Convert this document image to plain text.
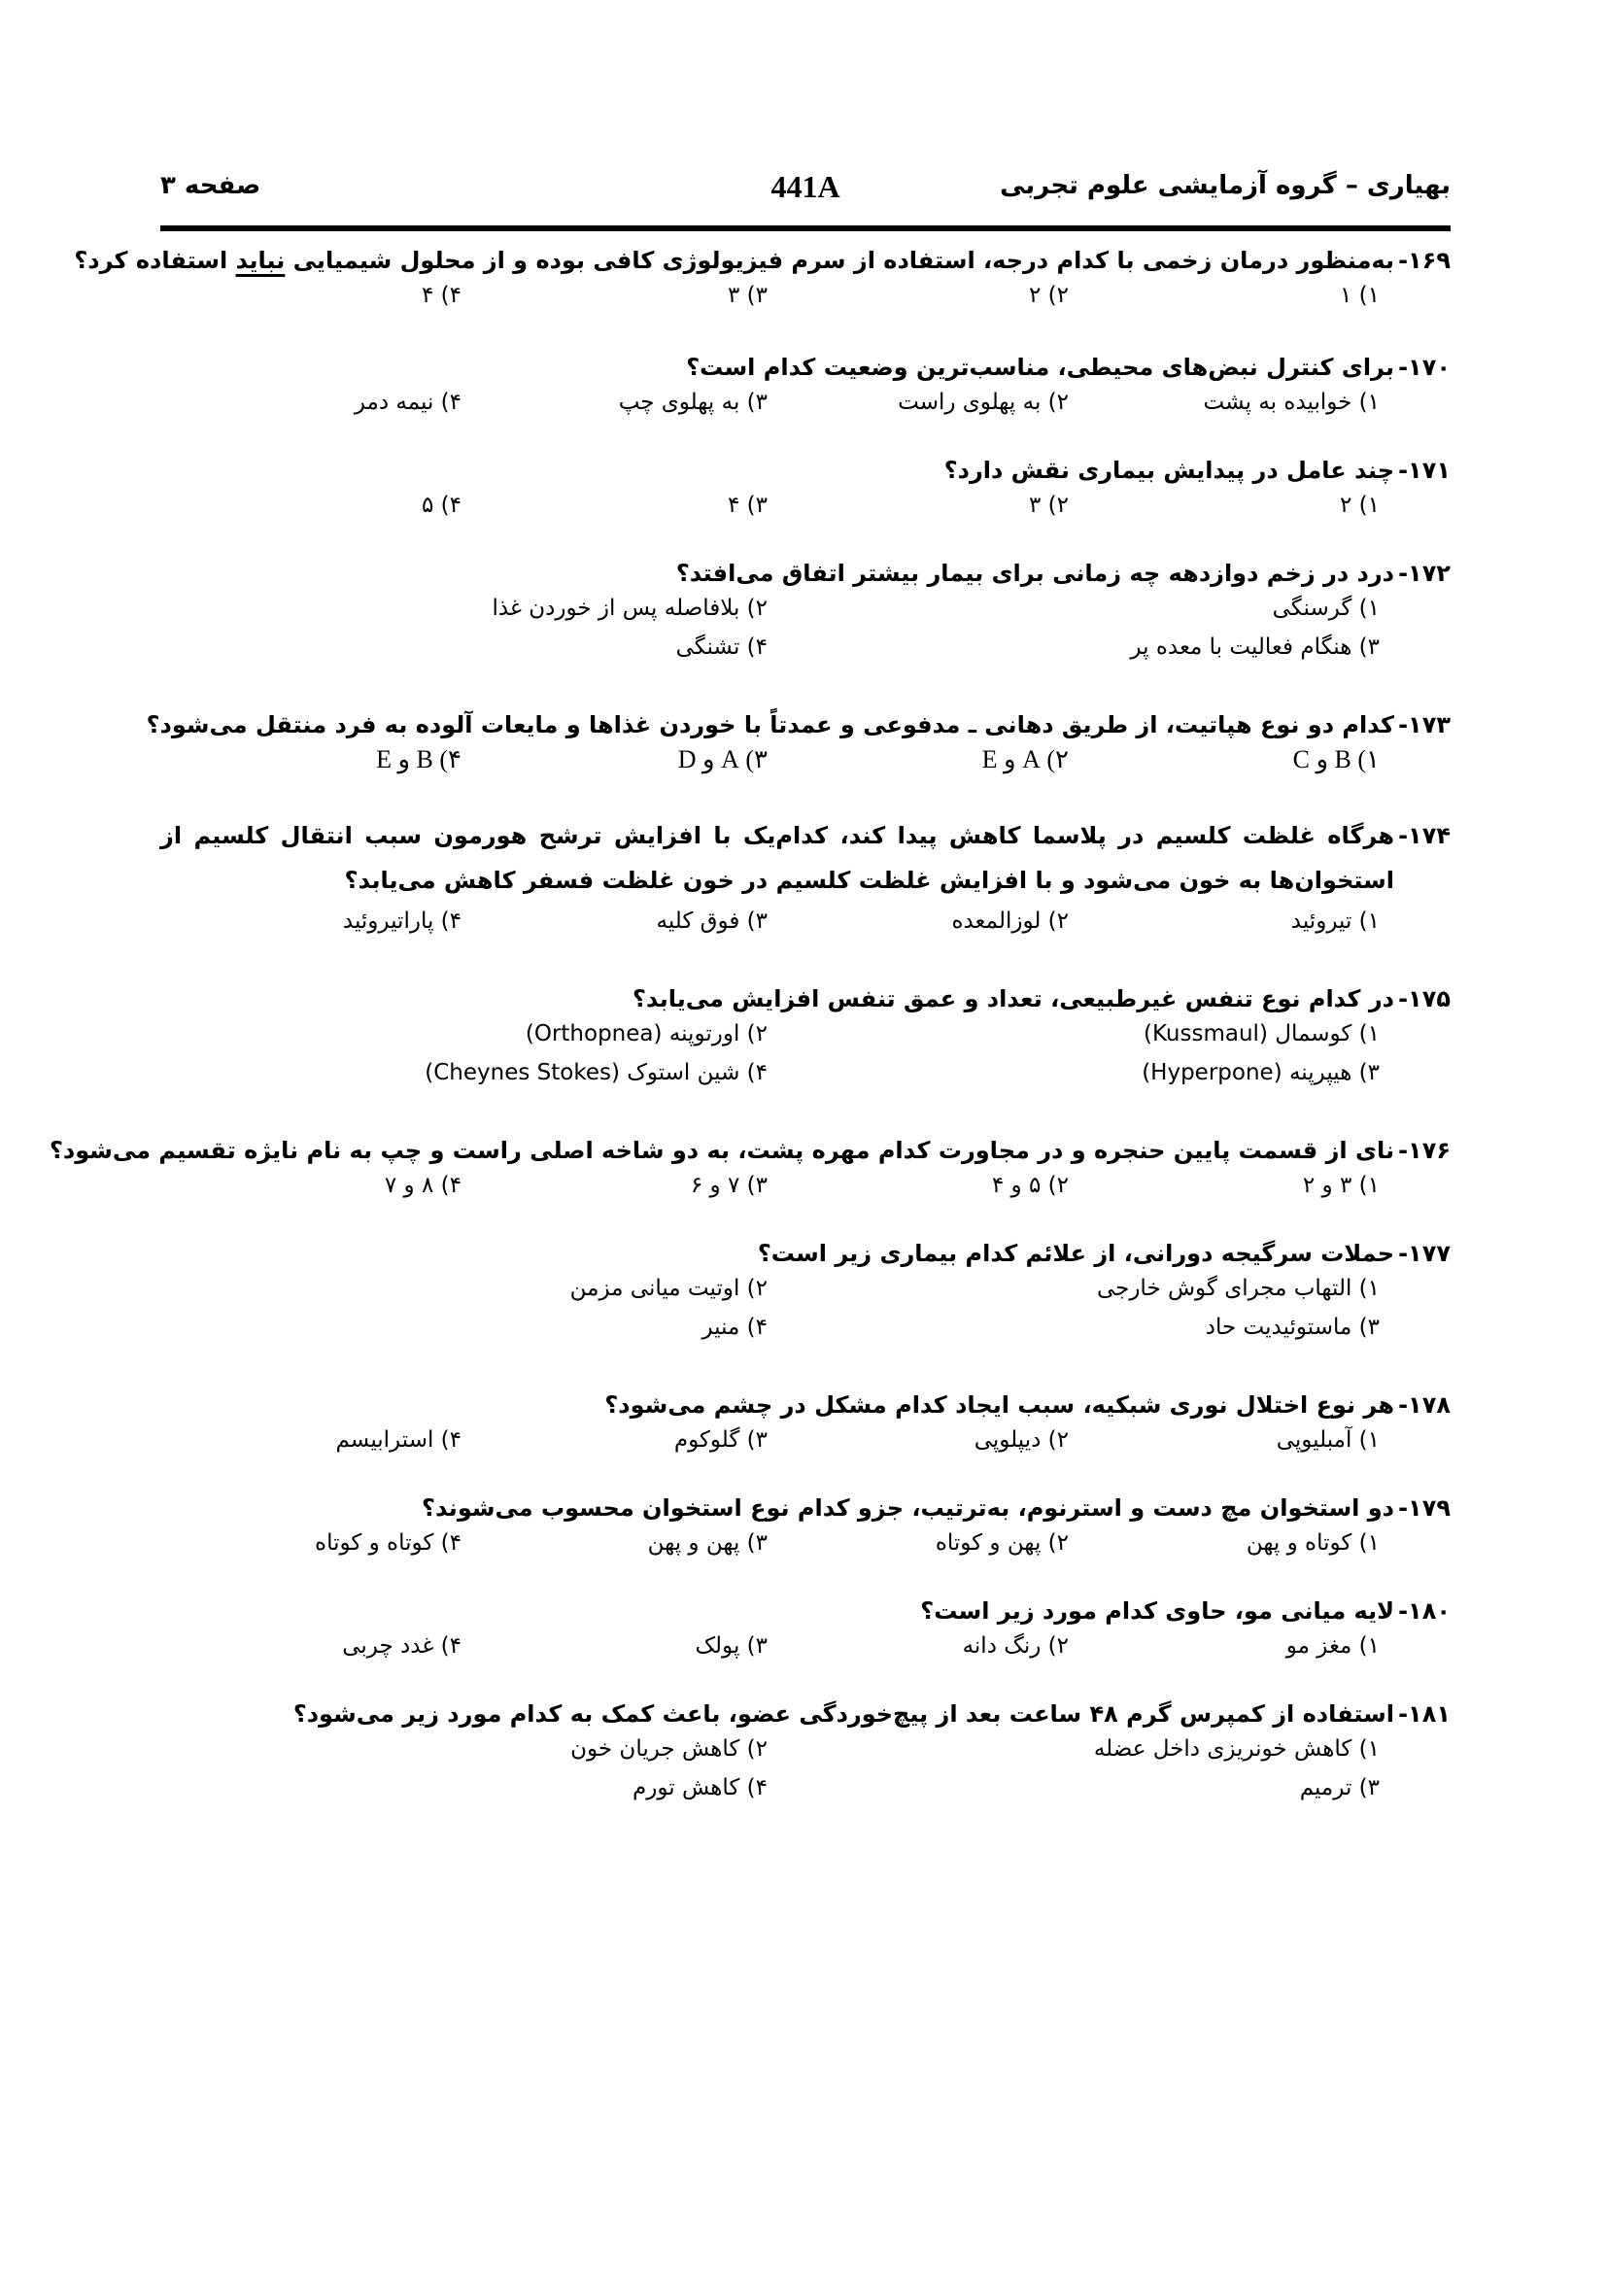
بهیاری – گروه آزمایشی علوم تجربی
441A
صفحه ۳
۱۶۹-
به‌منظور درمان زخمی با کدام درجه، استفاده از سرم فیزیولوژی کافی بوده و از محلول شیمیایی نباید استفاده کرد؟
۱) ۱
۲) ۲
۳) ۳
۴) ۴
۱۷۰-
برای کنترل نبض‌های محیطی، مناسب‌ترین وضعیت کدام است؟
۱) خوابیده به پشت
۲) به پهلوی راست
۳) به پهلوی چپ
۴) نیمه دمر
۱۷۱-
چند عامل در پیدایش بیماری نقش دارد؟
۱) ۲
۲) ۳
۳) ۴
۴) ۵
۱۷۲-
درد در زخم دوازدهه چه زمانی برای بیمار بیشتر اتفاق می‌افتد؟
۱) گرسنگی
۲) بلافاصله پس از خوردن غذا
۳) هنگام فعالیت با معده پر
۴) تشنگی
۱۷۳-
کدام دو نوع هپاتیت، از طریق دهانی ـ مدفوعی و عمدتاً با خوردن غذاها و مایعات آلوده به فرد منتقل می‌شود؟
۱) B و C
۲) A و E
۳) A و D
۴) B و E
۱۷۴-
هرگاه غلظت کلسیم در پلاسما کاهش پیدا کند، کدام‌یک با افزایش ترشح هورمون سبب انتقال کلسیم از
استخوان‌ها به خون می‌شود و با افزایش غلظت کلسیم در خون غلظت فسفر کاهش می‌یابد؟
۱) تیروئید
۲) لوزالمعده
۳) فوق کلیه
۴) پاراتیروئید
۱۷۵-
در کدام نوع تنفس غیرطبیعی، تعداد و عمق تنفس افزایش می‌یابد؟
۱) کوسمال (Kussmaul)
۲) اورتوپنه (Orthopnea)
۳) هیپرپنه (Hyperpone)
۴) شین استوک (Cheynes Stokes)
۱۷۶-
نای از قسمت پایین حنجره و در مجاورت کدام مهره پشت، به دو شاخه اصلی راست و چپ به نام نایژه تقسیم می‌شود؟
۱) ۳ و ۲
۲) ۵ و ۴
۳) ۷ و ۶
۴) ۸ و ۷
۱۷۷-
حملات سرگیجه دورانی، از علائم کدام بیماری زیر است؟
۱) التهاب مجرای گوش خارجی
۲) اوتیت میانی مزمن
۳) ماستوئیدیت حاد
۴) منیر
۱۷۸-
هر نوع اختلال نوری شبکیه، سبب ایجاد کدام مشکل در چشم می‌شود؟
۱) آمبلیوپی
۲) دیپلوپی
۳) گلوکوم
۴) استرابیسم
۱۷۹-
دو استخوان مچ دست و استرنوم، به‌ترتیب، جزو کدام نوع استخوان محسوب می‌شوند؟
۱) کوتاه و پهن
۲) پهن و کوتاه
۳) پهن و پهن
۴) کوتاه و کوتاه
۱۸۰-
لایه میانی مو، حاوی کدام مورد زیر است؟
۱) مغز مو
۲) رنگ دانه
۳) پولک
۴) غدد چربی
۱۸۱-
استفاده از کمپرس گرم ۴۸ ساعت بعد از پیچ‌خوردگی عضو، باعث کمک به کدام مورد زیر می‌شود؟
۱) کاهش خونریزی داخل عضله
۲) کاهش جریان خون
۳) ترمیم
۴) کاهش تورم
